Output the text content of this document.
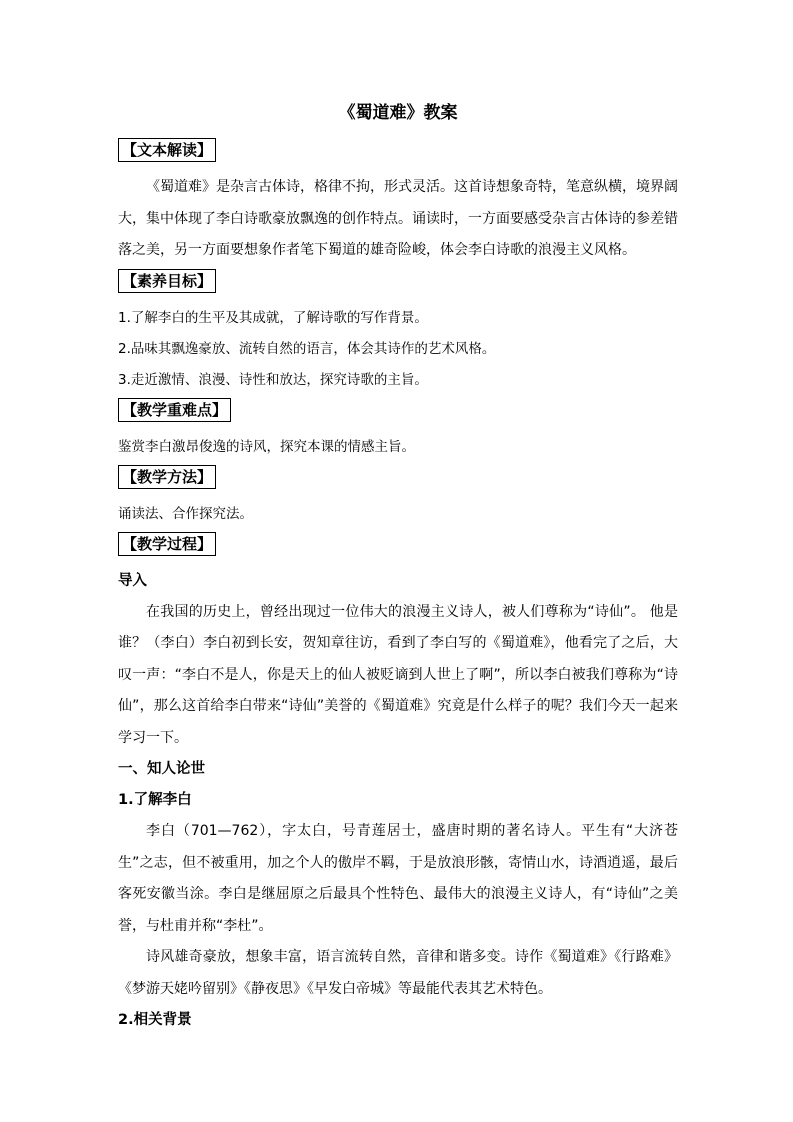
《蜀道难》教案
【文本解读】

《蜀道难》是杂言古体诗，格律不拘，形式灵活。这首诗想象奇特，笔意纵横，境界阔大，集中体现了李白诗歌豪放飘逸的创作特点。诵读时，一方面要感受杂言古体诗的参差错落之美，另一方面要想象作者笔下蜀道的雄奇险峻，体会李白诗歌的浪漫主义风格。

【素养目标】

1.了解李白的生平及其成就，了解诗歌的写作背景。

2.品味其飘逸豪放、流转自然的语言，体会其诗作的艺术风格。

3.走近激情、浪漫、诗性和放达，探究诗歌的主旨。

【教学重难点】

鉴赏李白激昂俊逸的诗风，探究本课的情感主旨。

【教学方法】

诵读法、合作探究法。

【教学过程】

导入

在我国的历史上，曾经出现过一位伟大的浪漫主义诗人，被人们尊称为“诗仙”。 他是谁？（李白）李白初到长安，贺知章往访，看到了李白写的《蜀道难》，他看完了之后，大叹一声：“李白不是人，你是天上的仙人被贬谪到人世上了啊”，所以李白被我们尊称为“诗仙”，那么这首给李白带来“诗仙”美誉的《蜀道难》究竟是什么样子的呢？我们今天一起来学习一下。

一、知人论世

1.了解李白

李白（701—762），字太白，号青莲居士，盛唐时期的著名诗人。平生有“大济苍生”之志，但不被重用，加之个人的傲岸不羁，于是放浪形骸，寄情山水，诗酒逍遥，最后客死安徽当涂。李白是继屈原之后最具个性特色、最伟大的浪漫主义诗人，有“诗仙”之美誉，与杜甫并称“李杜”。

诗风雄奇豪放，想象丰富，语言流转自然，音律和谐多变。诗作《蜀道难》《行路难》《梦游天姥吟留别》《静夜思》《早发白帝城》等最能代表其艺术特色。

2.相关背景
